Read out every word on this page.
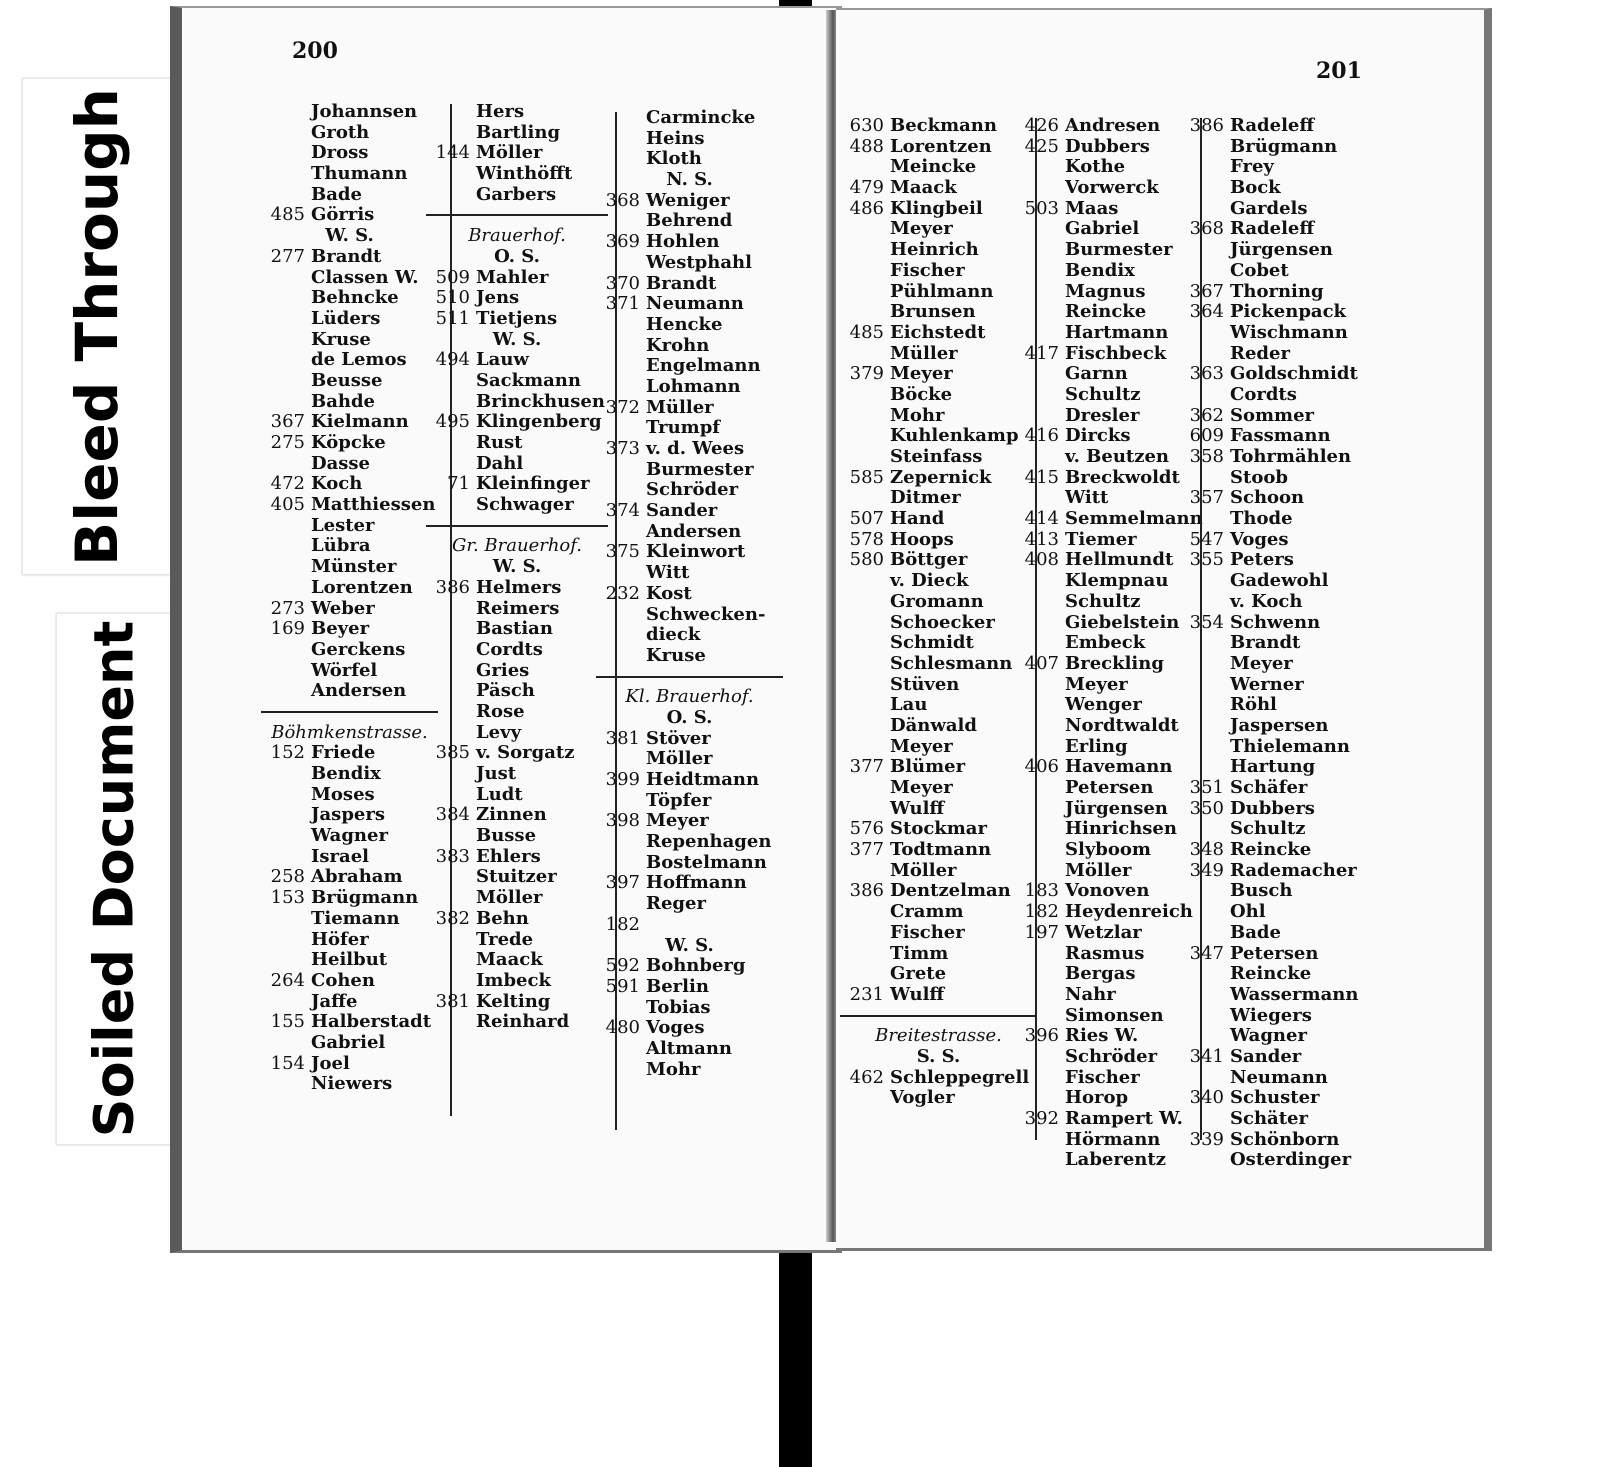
Bleed Through
Soiled Document
200
Johannsen
Groth
Dross
Thumann
Bade
485 Görris
W. S.
277 Brandt
Classen W.
Behncke
Lüders
Kruse
de Lemos
Beusse
Bahde
367 Kielmann
275 Köpcke
Dasse
472 Koch
405 Matthiessen
Lester
Lübra
Münster
Lorentzen
273 Weber
169 Beyer
Gerckens
Wörfel
Andersen
Böhmkenstrasse.
152 Friede
Bendix
Moses
Jaspers
Wagner
Israel
258 Abraham
153 Brügmann
Tiemann
Höfer
Heilbut
264 Cohen
Jaffe
155 Halberstadt
Gabriel
154 Joel
Niewers
Hers
Bartling
144 Möller
Winthöfft
Garbers
Brauerhof.
O. S.
509 Mahler
510 Jens
511 Tietjens
W. S.
494 Lauw
Sackmann
Brinckhusen
495 Klingenberg
Rust
Dahl
71 Kleinfinger
Schwager
Gr. Brauerhof.
W. S.
386 Helmers
Reimers
Bastian
Cordts
Gries
Päsch
Rose
Levy
385 v. Sorgatz
Just
Ludt
384 Zinnen
Busse
383 Ehlers
Stuitzer
Möller
382 Behn
Trede
Maack
Imbeck
381 Kelting
Reinhard
Carmincke
Heins
Kloth
N. S.
368 Weniger
Behrend
369 Hohlen
Westphahl
370 Brandt
371 Neumann
Hencke
Krohn
Engelmann
Lohmann
372 Müller
Trumpf
373 v. d. Wees
Burmester
Schröder
374 Sander
Andersen
375 Kleinwort
Witt
232 Kost
Schwecken-
dieck
Kruse
Kl. Brauerhof.
O. S.
381 Stöver
Möller
399 Heidtmann
Töpfer
398 Meyer
Repenhagen
Bostelmann
397 Hoffmann
Reger
182
W. S.
592 Bohnberg
591 Berlin
Tobias
480 Voges
Altmann
Mohr
201
630 Beckmann
488 Lorentzen
Meincke
479 Maack
486 Klingbeil
Meyer
Heinrich
Fischer
Pühlmann
Brunsen
485 Eichstedt
Müller
379 Meyer
Böcke
Mohr
Kuhlenkamp
Steinfass
585 Zepernick
Ditmer
507 Hand
578 Hoops
580 Böttger
v. Dieck
Gromann
Schoecker
Schmidt
Schlesmann
Stüven
Lau
Dänwald
Meyer
377 Blümer
Meyer
Wulff
576 Stockmar
377 Todtmann
Möller
386 Dentzelman
Cramm
Fischer
Timm
Grete
231 Wulff
Breitestrasse.
S. S.
462 Schleppegrell
Vogler
426 Andresen
425 Dubbers
Kothe
Vorwerck
503 Maas
Gabriel
Burmester
Bendix
Magnus
Reincke
Hartmann
417 Fischbeck
Garnn
Schultz
Dresler
416 Dircks
v. Beutzen
415 Breckwoldt
Witt
414 Semmelmann
413 Tiemer
408 Hellmundt
Klempnau
Schultz
Giebelstein
Embeck
407 Breckling
Meyer
Wenger
Nordtwaldt
Erling
406 Havemann
Petersen
Jürgensen
Hinrichsen
Slyboom
Möller
183 Vonoven
182 Heydenreich
197 Wetzlar
Rasmus
Bergas
Nahr
Simonsen
396 Ries W.
Schröder
Fischer
Horop
392 Rampert W.
Hörmann
Laberentz
386 Radeleff
Brügmann
Frey
Bock
Gardels
368 Radeleff
Jürgensen
Cobet
367 Thorning
364 Pickenpack
Wischmann
Reder
363 Goldschmidt
Cordts
362 Sommer
609 Fassmann
358 Tohrmählen
Stoob
357 Schoon
Thode
547 Voges
355 Peters
Gadewohl
v. Koch
354 Schwenn
Brandt
Meyer
Werner
Röhl
Jaspersen
Thielemann
Hartung
351 Schäfer
350 Dubbers
Schultz
348 Reincke
349 Rademacher
Busch
Ohl
Bade
347 Petersen
Reincke
Wassermann
Wiegers
Wagner
341 Sander
Neumann
340 Schuster
Schäter
339 Schönborn
Osterdinger
